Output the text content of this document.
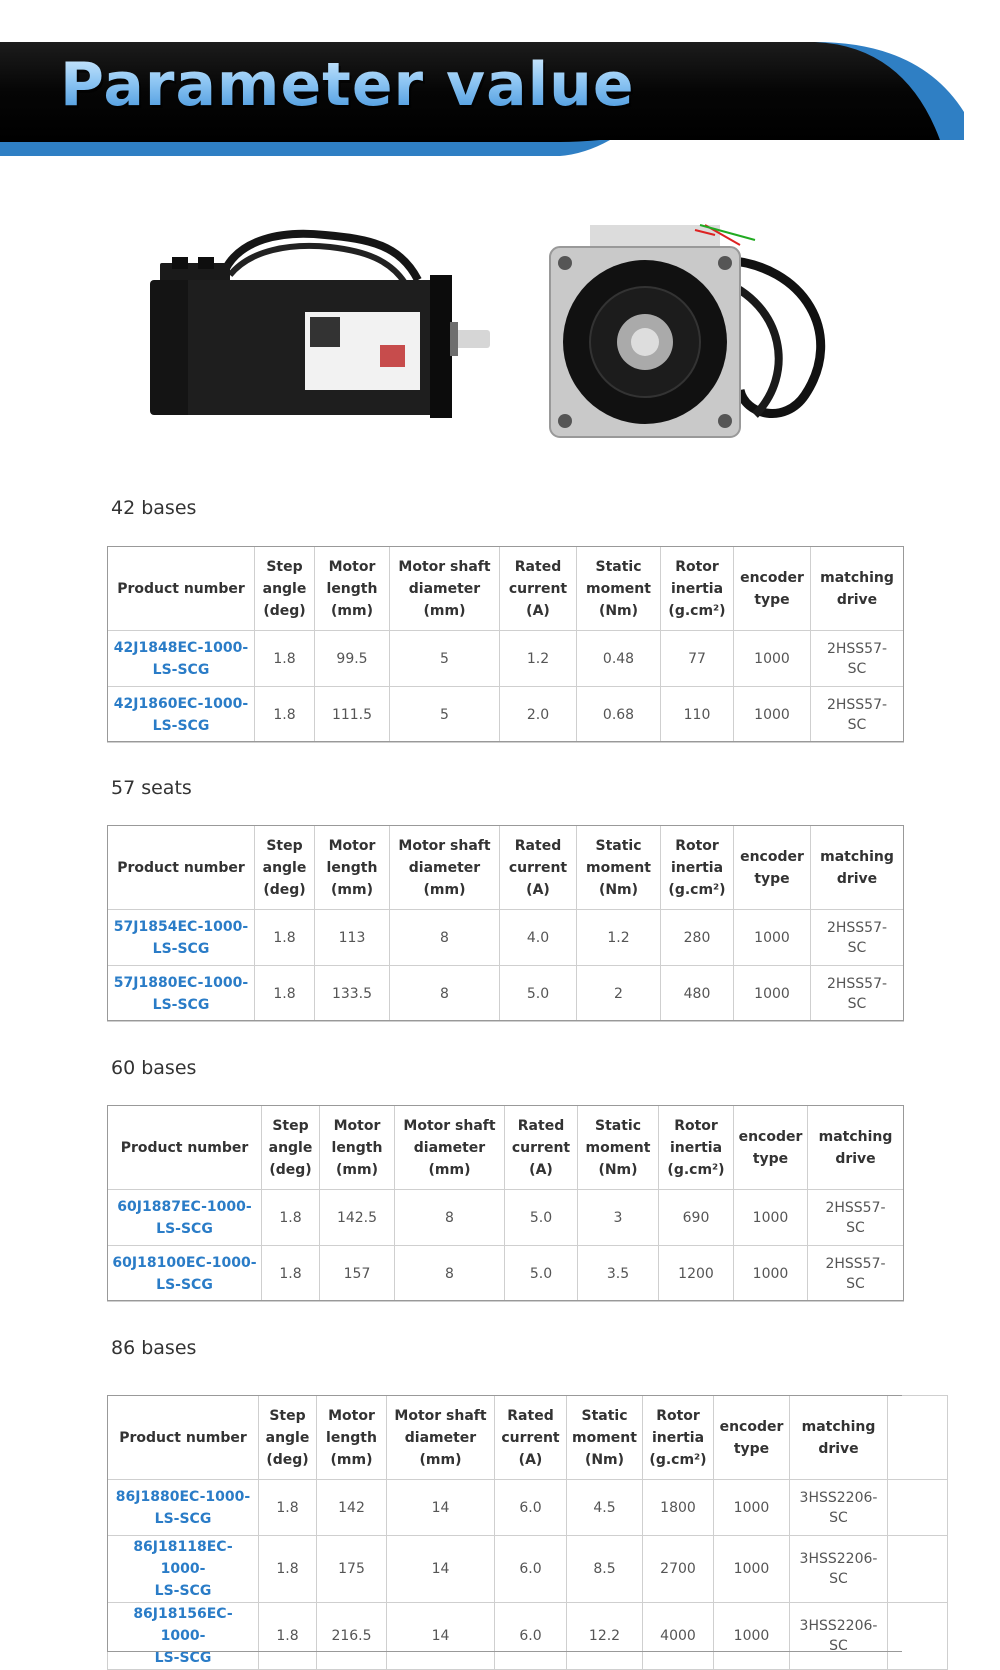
Parameter value
42 bases
Product number	Step
angle
(deg)	Motor
length
(mm)	Motor shaft
diameter
(mm)	Rated
current
(A)	Static
moment
(Nm)	Rotor
inertia
(g.cm²)	encoder
type	matching
drive
42J1848EC-1000-
LS-SCG	1.8	99.5	5	1.2	0.48	77	1000	2HSS57-
SC
42J1860EC-1000-
LS-SCG	1.8	111.5	5	2.0	0.68	110	1000	2HSS57-
SC
57 seats
Product number	Step
angle
(deg)	Motor
length
(mm)	Motor shaft
diameter
(mm)	Rated
current
(A)	Static
moment
(Nm)	Rotor
inertia
(g.cm²)	encoder
type	matching
drive
57J1854EC-1000-
LS-SCG	1.8	113	8	4.0	1.2	280	1000	2HSS57-
SC
57J1880EC-1000-
LS-SCG	1.8	133.5	8	5.0	2	480	1000	2HSS57-
SC
60 bases
Product number	Step
angle
(deg)	Motor
length
(mm)	Motor shaft
diameter
(mm)	Rated
current
(A)	Static
moment
(Nm)	Rotor
inertia
(g.cm²)	encoder
type	matching
drive
60J1887EC-1000-
LS-SCG	1.8	142.5	8	5.0	3	690	1000	2HSS57-
SC
60J18100EC-1000-
LS-SCG	1.8	157	8	5.0	3.5	1200	1000	2HSS57-
SC
86 bases
Product number	Step
angle
(deg)	Motor
length
(mm)	Motor shaft
diameter
(mm)	Rated
current
(A)	Static
moment
(Nm)	Rotor
inertia
(g.cm²)	encoder
type	matching
drive	
86J1880EC-1000-
LS-SCG	1.8	142	14	6.0	4.5	1800	1000	3HSS2206-
SC	
86J18118EC-1000-
LS-SCG	1.8	175	14	6.0	8.5	2700	1000	3HSS2206-
SC	
86J18156EC-1000-
LS-SCG	1.8	216.5	14	6.0	12.2	4000	1000	3HSS2206-
SC	
